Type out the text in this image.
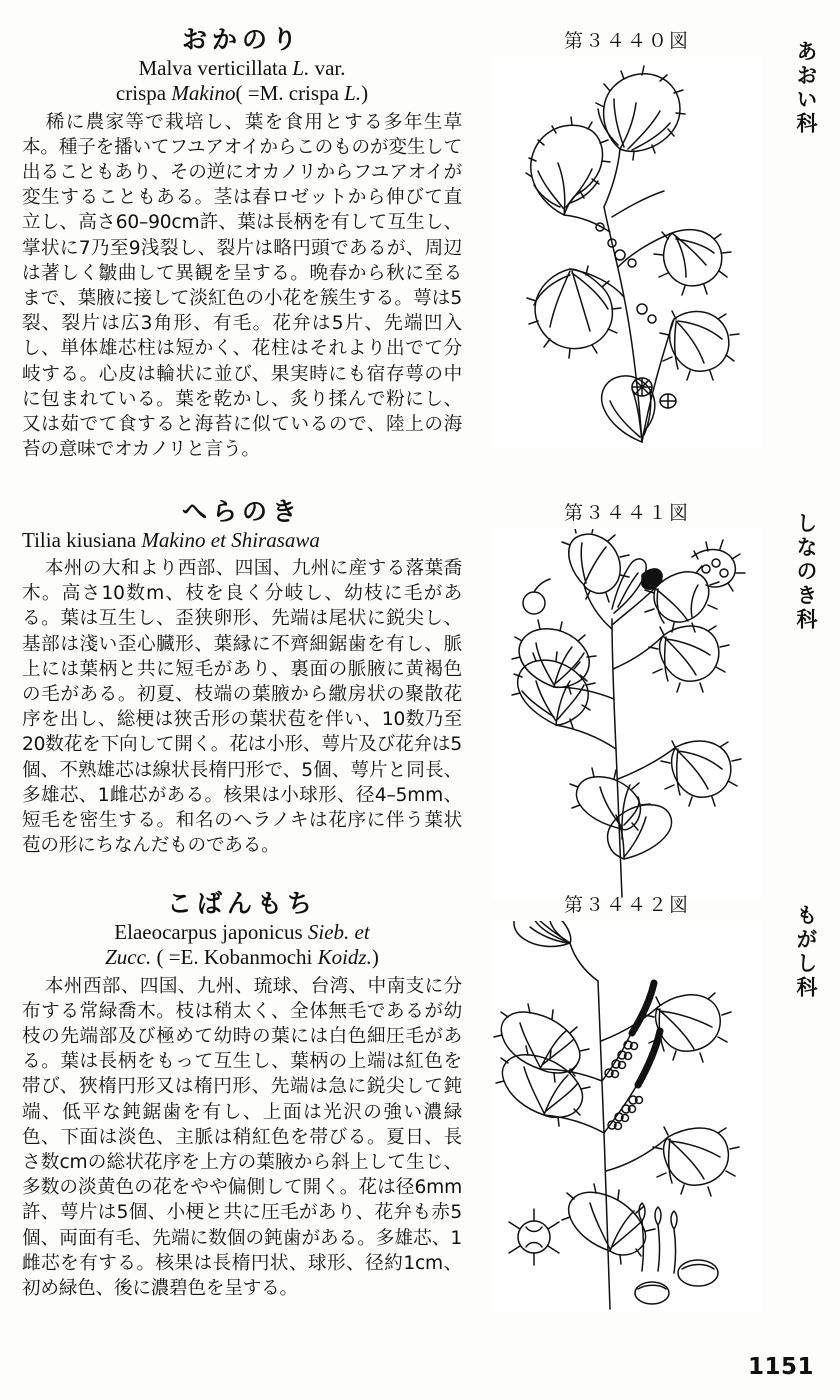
おかのり
Malva verticillata L. var.
crispa Makino( =M. crispa L.)
稀に農家等で栽培し、葉を食用とする多年生草本。種子を播いてフユアオイからこのものが変生して出ることもあり、その逆にオカノリからフユアオイが変生することもある。茎は春ロゼットから伸びて直立し、高さ60–90cm許、葉は長柄を有して互生し、掌状に7乃至9浅裂し、裂片は略円頭であるが、周辺は著しく皺曲して異観を呈する。晩春から秋に至るまで、葉腋に接して淡紅色の小花を簇生する。萼は5裂、裂片は広3角形、有毛。花弁は5片、先端凹入し、単体雄芯柱は短かく、花柱はそれより出でて分岐する。心皮は輪状に並び、果実時にも宿存萼の中に包まれている。葉を乾かし、炙り揉んで粉にし、又は茹でて食すると海苔に似ているので、陸上の海苔の意味でオカノリと言う。
第３４４０図	あおい科
へらのき
Tilia kiusiana Makino et Shirasawa
本州の大和より西部、四国、九州に産する落葉喬木。高さ10数m、枝を良く分岐し、幼枝に毛がある。葉は互生し、歪狭卵形、先端は尾状に鋭尖し、基部は淺い歪心臓形、葉縁に不齊細鋸歯を有し、脈上には葉柄と共に短毛があり、裏面の脈腋に黄褐色の毛がある。初夏、枝端の葉腋から繖房状の聚散花序を出し、総梗は狹舌形の葉状苞を伴い、10数乃至20数花を下向して開く。花は小形、萼片及び花弁は5個、不熟雄芯は線状長楕円形で、5個、萼片と同長、多雄芯、1雌芯がある。核果は小球形、径4–5mm、短毛を密生する。和名のヘラノキは花序に伴う葉状苞の形にちなんだものである。
第３４４１図	しなのき科
こばんもち
Elaeocarpus japonicus Sieb. et
Zucc. ( =E. Kobanmochi Koidz.)
本州西部、四国、九州、琉球、台湾、中南支に分布する常緑喬木。枝は稍太く、全体無毛であるが幼枝の先端部及び極めて幼時の葉には白色細圧毛がある。葉は長柄をもって互生し、葉柄の上端は紅色を帯び、狹楕円形又は楕円形、先端は急に鋭尖して鈍端、低平な鈍鋸歯を有し、上面は光沢の強い濃緑色、下面は淡色、主脈は稍紅色を帯びる。夏日、長さ数cmの総状花序を上方の葉腋から斜上して生じ、多数の淡黄色の花をやや偏側して開く。花は径6mm許、萼片は5個、小梗と共に圧毛があり、花弁も赤5個、両面有毛、先端に数個の鈍歯がある。多雄芯、1雌芯を有する。核果は長楕円状、球形、径約1cm、初め緑色、後に濃碧色を呈する。
第３４４２図	もがし科
1151
